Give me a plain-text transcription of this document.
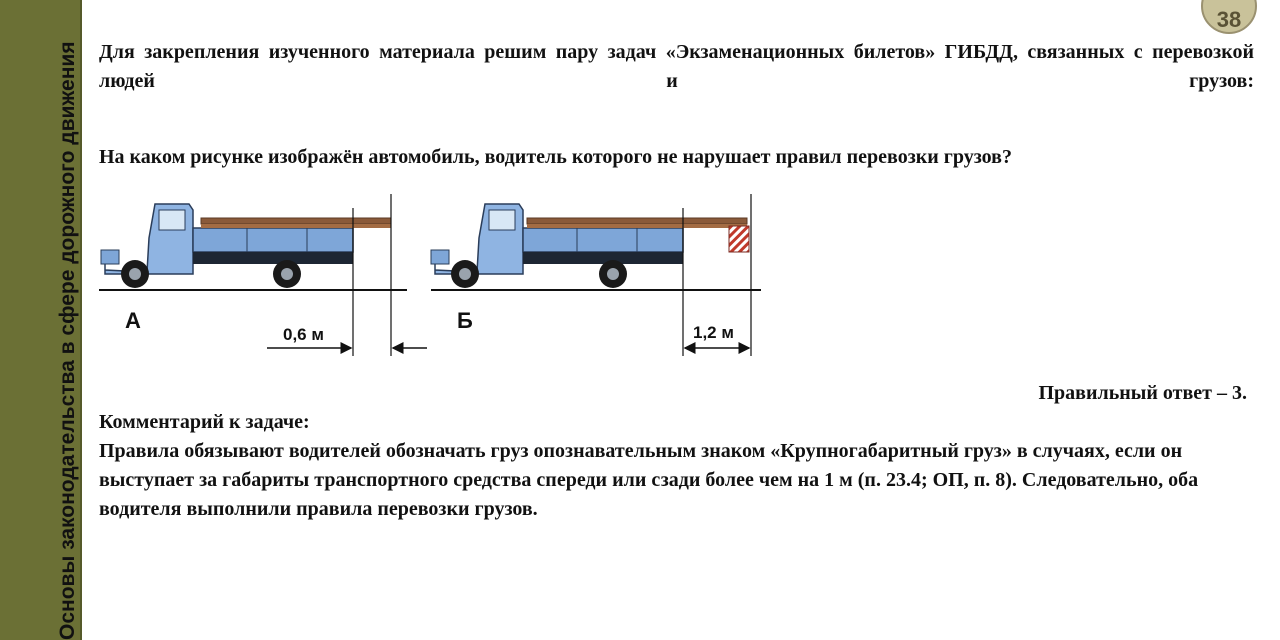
Основы законодательства в сфере дорожного движения
38

Для закрепления изученного материала решим пару задач «Экзаменационных билетов» ГИБДД, связанных с перевозкой людей и грузов:

На каком рисунке изображён автомобиль, водитель которого не нарушает правил перевозки грузов?

А
0,6 м
Б	1,2 м

Правильный ответ – 3.

Комментарий к задаче:

Правила обязывают водителей обозначать груз опознавательным знаком «Крупногабаритный груз» в случаях, если он выступает за габариты транспортного средства спереди или сзади более чем на 1 м (п. 23.4; ОП, п. 8). Следовательно, оба водителя выполнили правила перевозки грузов.
